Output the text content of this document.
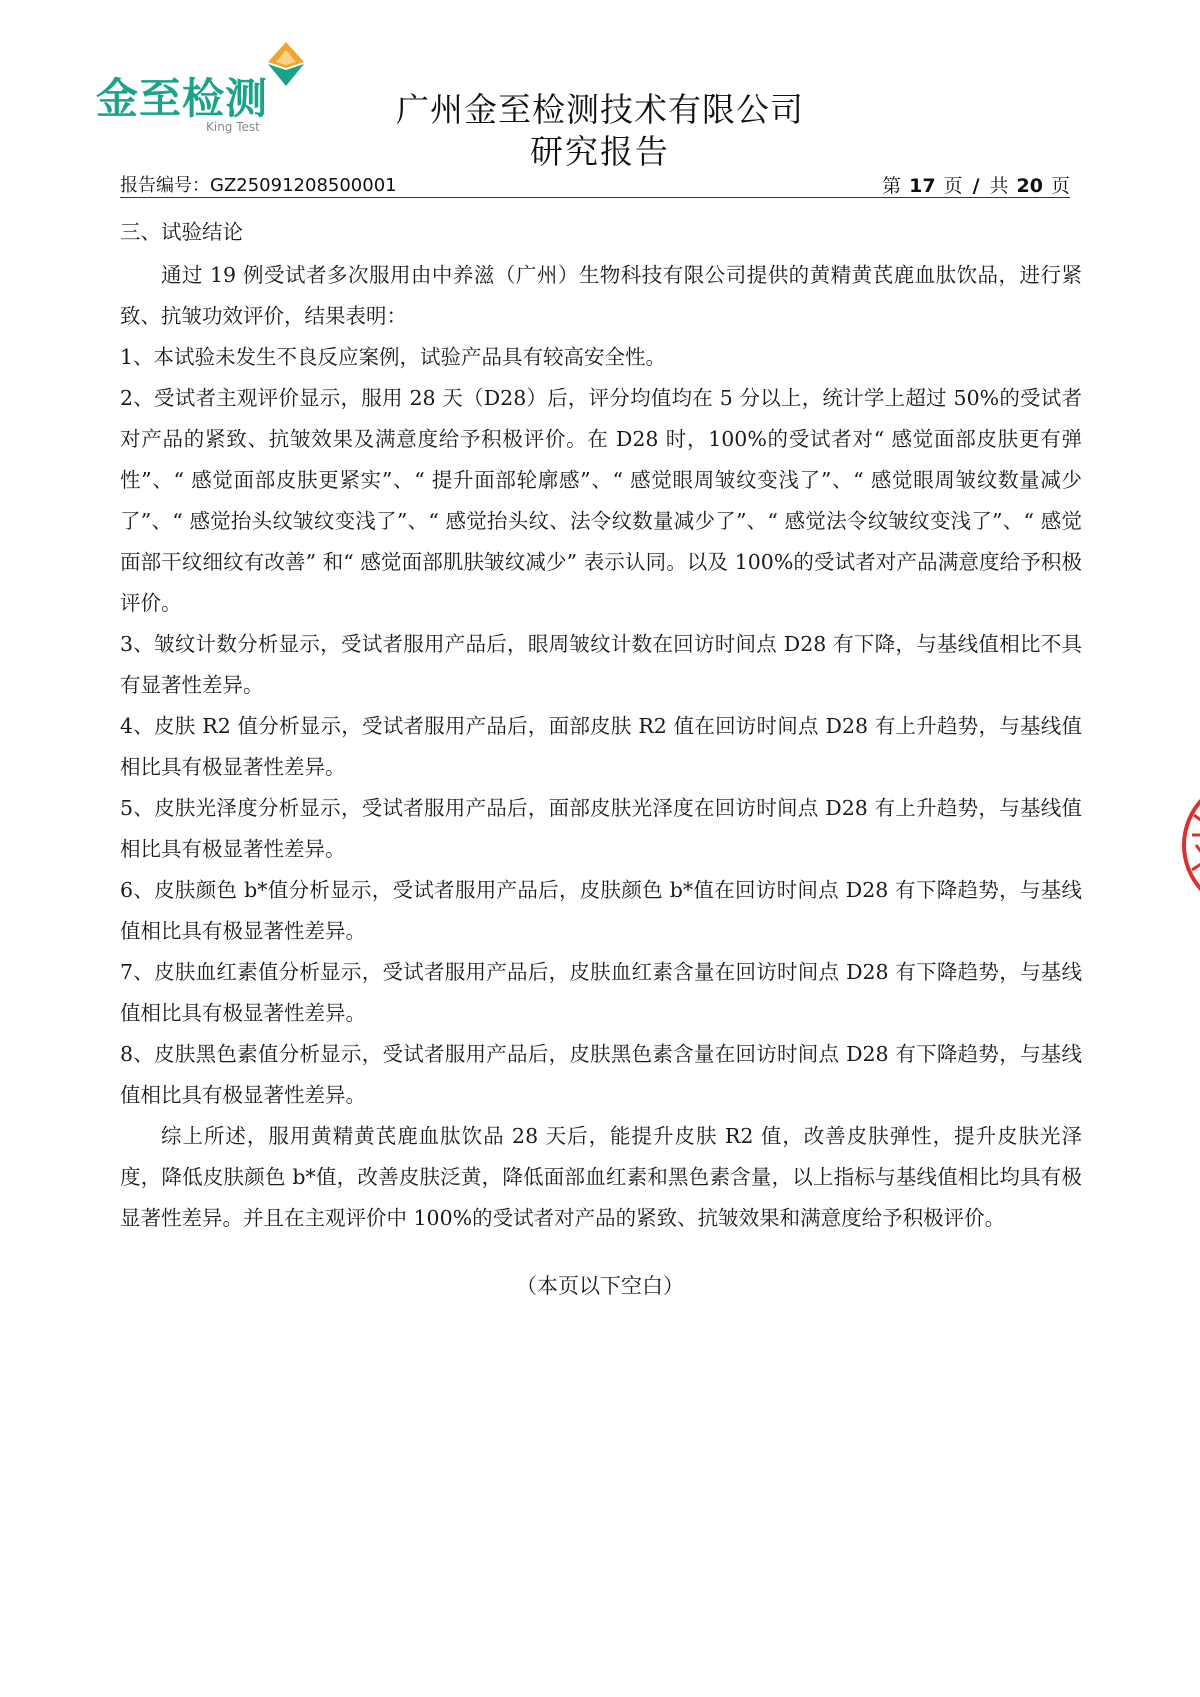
金至检测
King Test	广州金至检测技术有限公司
研究报告
报告编号：GZ25091208500001	第 17 页 / 共 20 页

三、试验结论

通过 19 例受试者多次服用由中养滋（广州）生物科技有限公司提供的黄精黄芪鹿血肽饮品，进行紧致、抗皱功效评价，结果表明：

1、本试验未发生不良反应案例，试验产品具有较高安全性。

2、受试者主观评价显示，服用 28 天（D28）后，评分均值均在 5 分以上，统计学上超过 50%的受试者对产品的紧致、抗皱效果及满意度给予积极评价。在 D28 时，100%的受试者对“ 感觉面部皮肤更有弹性”、“ 感觉面部皮肤更紧实”、“ 提升面部轮廓感”、“ 感觉眼周皱纹变浅了”、“ 感觉眼周皱纹数量减少了”、“ 感觉抬头纹皱纹变浅了”、“ 感觉抬头纹、法令纹数量减少了”、“ 感觉法令纹皱纹变浅了”、“ 感觉面部干纹细纹有改善” 和“ 感觉面部肌肤皱纹减少” 表示认同。以及 100%的受试者对产品满意度给予积极评价。

3、皱纹计数分析显示，受试者服用产品后，眼周皱纹计数在回访时间点 D28 有下降，与基线值相比不具有显著性差异。

4、皮肤 R2 值分析显示，受试者服用产品后，面部皮肤 R2 值在回访时间点 D28 有上升趋势，与基线值相比具有极显著性差异。

5、皮肤光泽度分析显示，受试者服用产品后，面部皮肤光泽度在回访时间点 D28 有上升趋势，与基线值相比具有极显著性差异。

6、皮肤颜色 b*值分析显示，受试者服用产品后，皮肤颜色 b*值在回访时间点 D28 有下降趋势，与基线值相比具有极显著性差异。

7、皮肤血红素值分析显示，受试者服用产品后，皮肤血红素含量在回访时间点 D28 有下降趋势，与基线值相比具有极显著性差异。

8、皮肤黑色素值分析显示，受试者服用产品后，皮肤黑色素含量在回访时间点 D28 有下降趋势，与基线值相比具有极显著性差异。

综上所述，服用黄精黄芪鹿血肽饮品 28 天后，能提升皮肤 R2 值，改善皮肤弹性，提升皮肤光泽度，降低皮肤颜色 b*值，改善皮肤泛黄，降低面部血红素和黑色素含量，以上指标与基线值相比均具有极显著性差异。并且在主观评价中 100%的受试者对产品的紧致、抗皱效果和满意度给予积极评价。

（本页以下空白）
